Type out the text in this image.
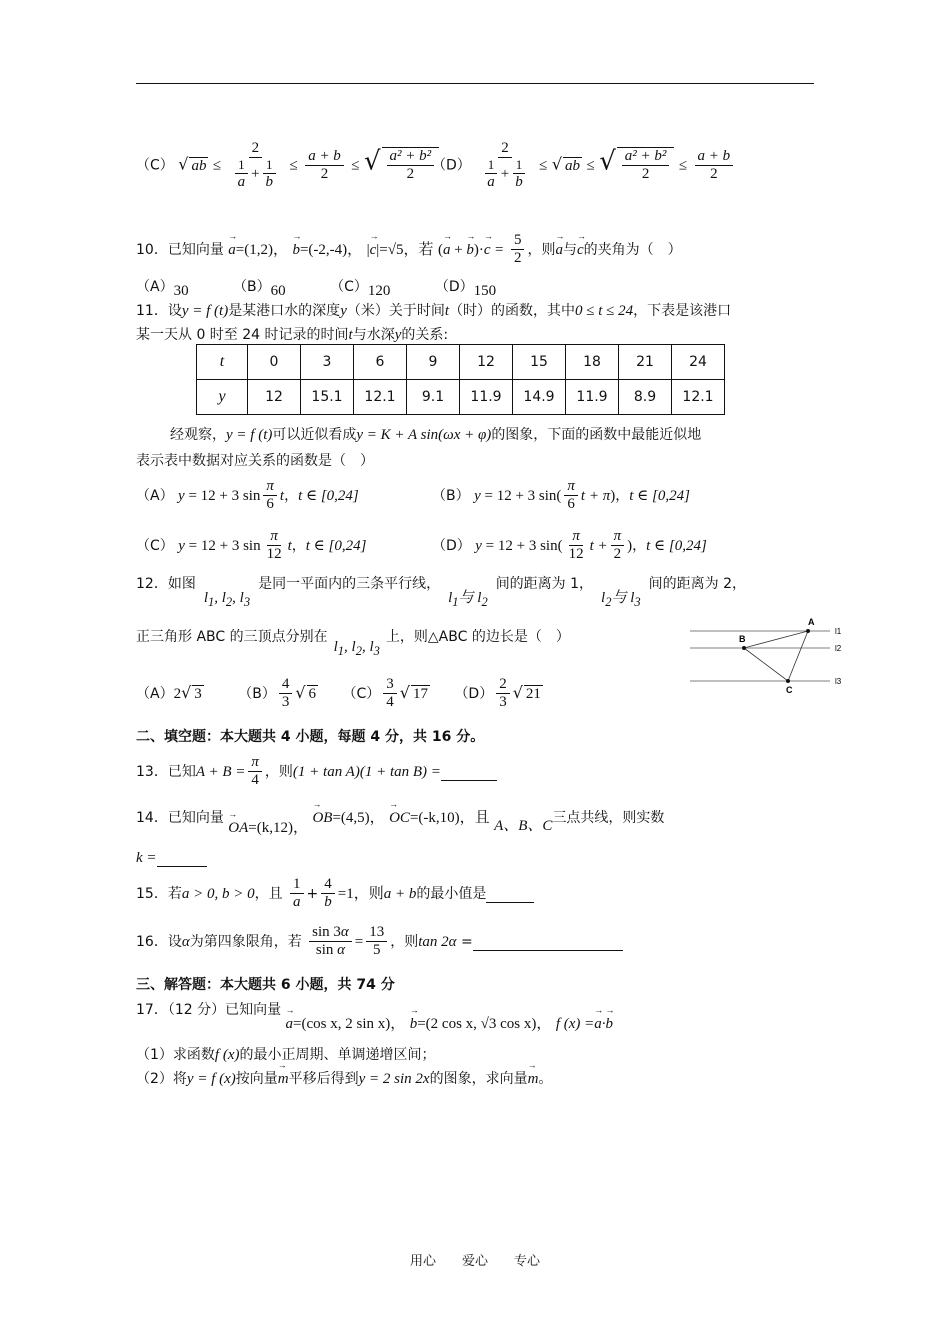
（C） √ ab ≤ $\frac{2}{\frac{1}{a} + \frac{1}{b}} \le \frac{a + b}{2}$ ≤ √ $\frac{\text{a² + b²}}{2}$
$(D) \frac{2}{\frac{1}{a} + \frac{1}{b}}$ ≤ √ ab ≤ √ $\frac{\text{a² + b²}}{2} \le \frac{a + b}{2}$
10．已知向量 → a=(1,2)， → b=(-2,-4)， |→ c|=√5，若 (→ a + → $b)\cdot\to c = \frac{5}{2}$ ，则→ a与→ c的夹角为（　）
（A）30	（B）60	（C）120	（D）150
11．设y = f (t)是某港口水的深度y（米）关于时间t（时）的函数，其中0 ≤ t ≤ 24，下表是该港口
某一天从 0 时至 24 时记录的时间t与水深y的关系:
t	0	3	6	9	12	15	18	21	24
y	12	15.1	12.1	9.1	11.9	14.9	11.9	8.9	12.1
经观察，y = f (t)可以近似看成y = K + A sin(ωx + φ)的图象，下面的函数中最能近似地
表示表中数据对应关系的函数是（　）
（A） y = 12 + 3 $\sin \frac{\pi}{6}$ t，t ∈ [0,24]	（B） y = 12 + 3 $\sin( \frac{\pi}{6}$ t + π)，t ∈ [0,24]
（C） y = 12 + 3 $\sin \frac{\pi}{12}$ t，t ∈ [0,24]	（D） y = 12 + 3 $\sin( \frac{\pi}{12}$ $t + \frac{\pi}{2}$ )，t ∈ [0,24]
12．如图$l_1$, $l_2$, $l_3$是同一平面内的三条平行线，$l_1$与 $l_2$间的距离为 1，$l_2$与 $l_3$间的距离为 2，
正三角形 ABC 的三顶点分别在$l_1$, $l_2$, $l_3$上，则△ABC 的边长是（　）
A
B
C
l1
l2
l3
（A）2√ 3	$(B) \frac{4}{3}$ √ 6 $(C) \frac{3}{4}$ √ 17 $(D) \frac{2}{3}$ √ 21
二、填空题：本大题共 4 小题，每题 4 分，共 16 分。
13．已知$A + B = \frac{\pi}{4}$ ，则(1 + tan A)(1 + tan B) =
14．已知向量 → OA=(k,12)， → OB=(4,5)， → OC=(-k,10)，且 A、B、C三点共线，则实数
k =
15．若a > 0, b > 0，且 $\frac{1}{a} + \frac{4}{b} =1$，则a + b的最小值是
16．设α为第四象限角，若 $\frac{\sin 3\alpha}{\text{sin α}} = \frac{13}{5}$ ，则tan 2α =
三、解答题：本大题共 6 小题，共 74 分
17．（12 分）已知向量 → a=(cos x, 2 sin x)， → b=(2 cos x, √3 cos x)， f (x) =→ a·→ b
（1）求函数f (x)的最小正周期、单调递增区间；
（2）将y = f (x)按向量→ m平移后得到y = 2 sin 2x的图象，求向量→ m。
用心　　爱心　　专心
